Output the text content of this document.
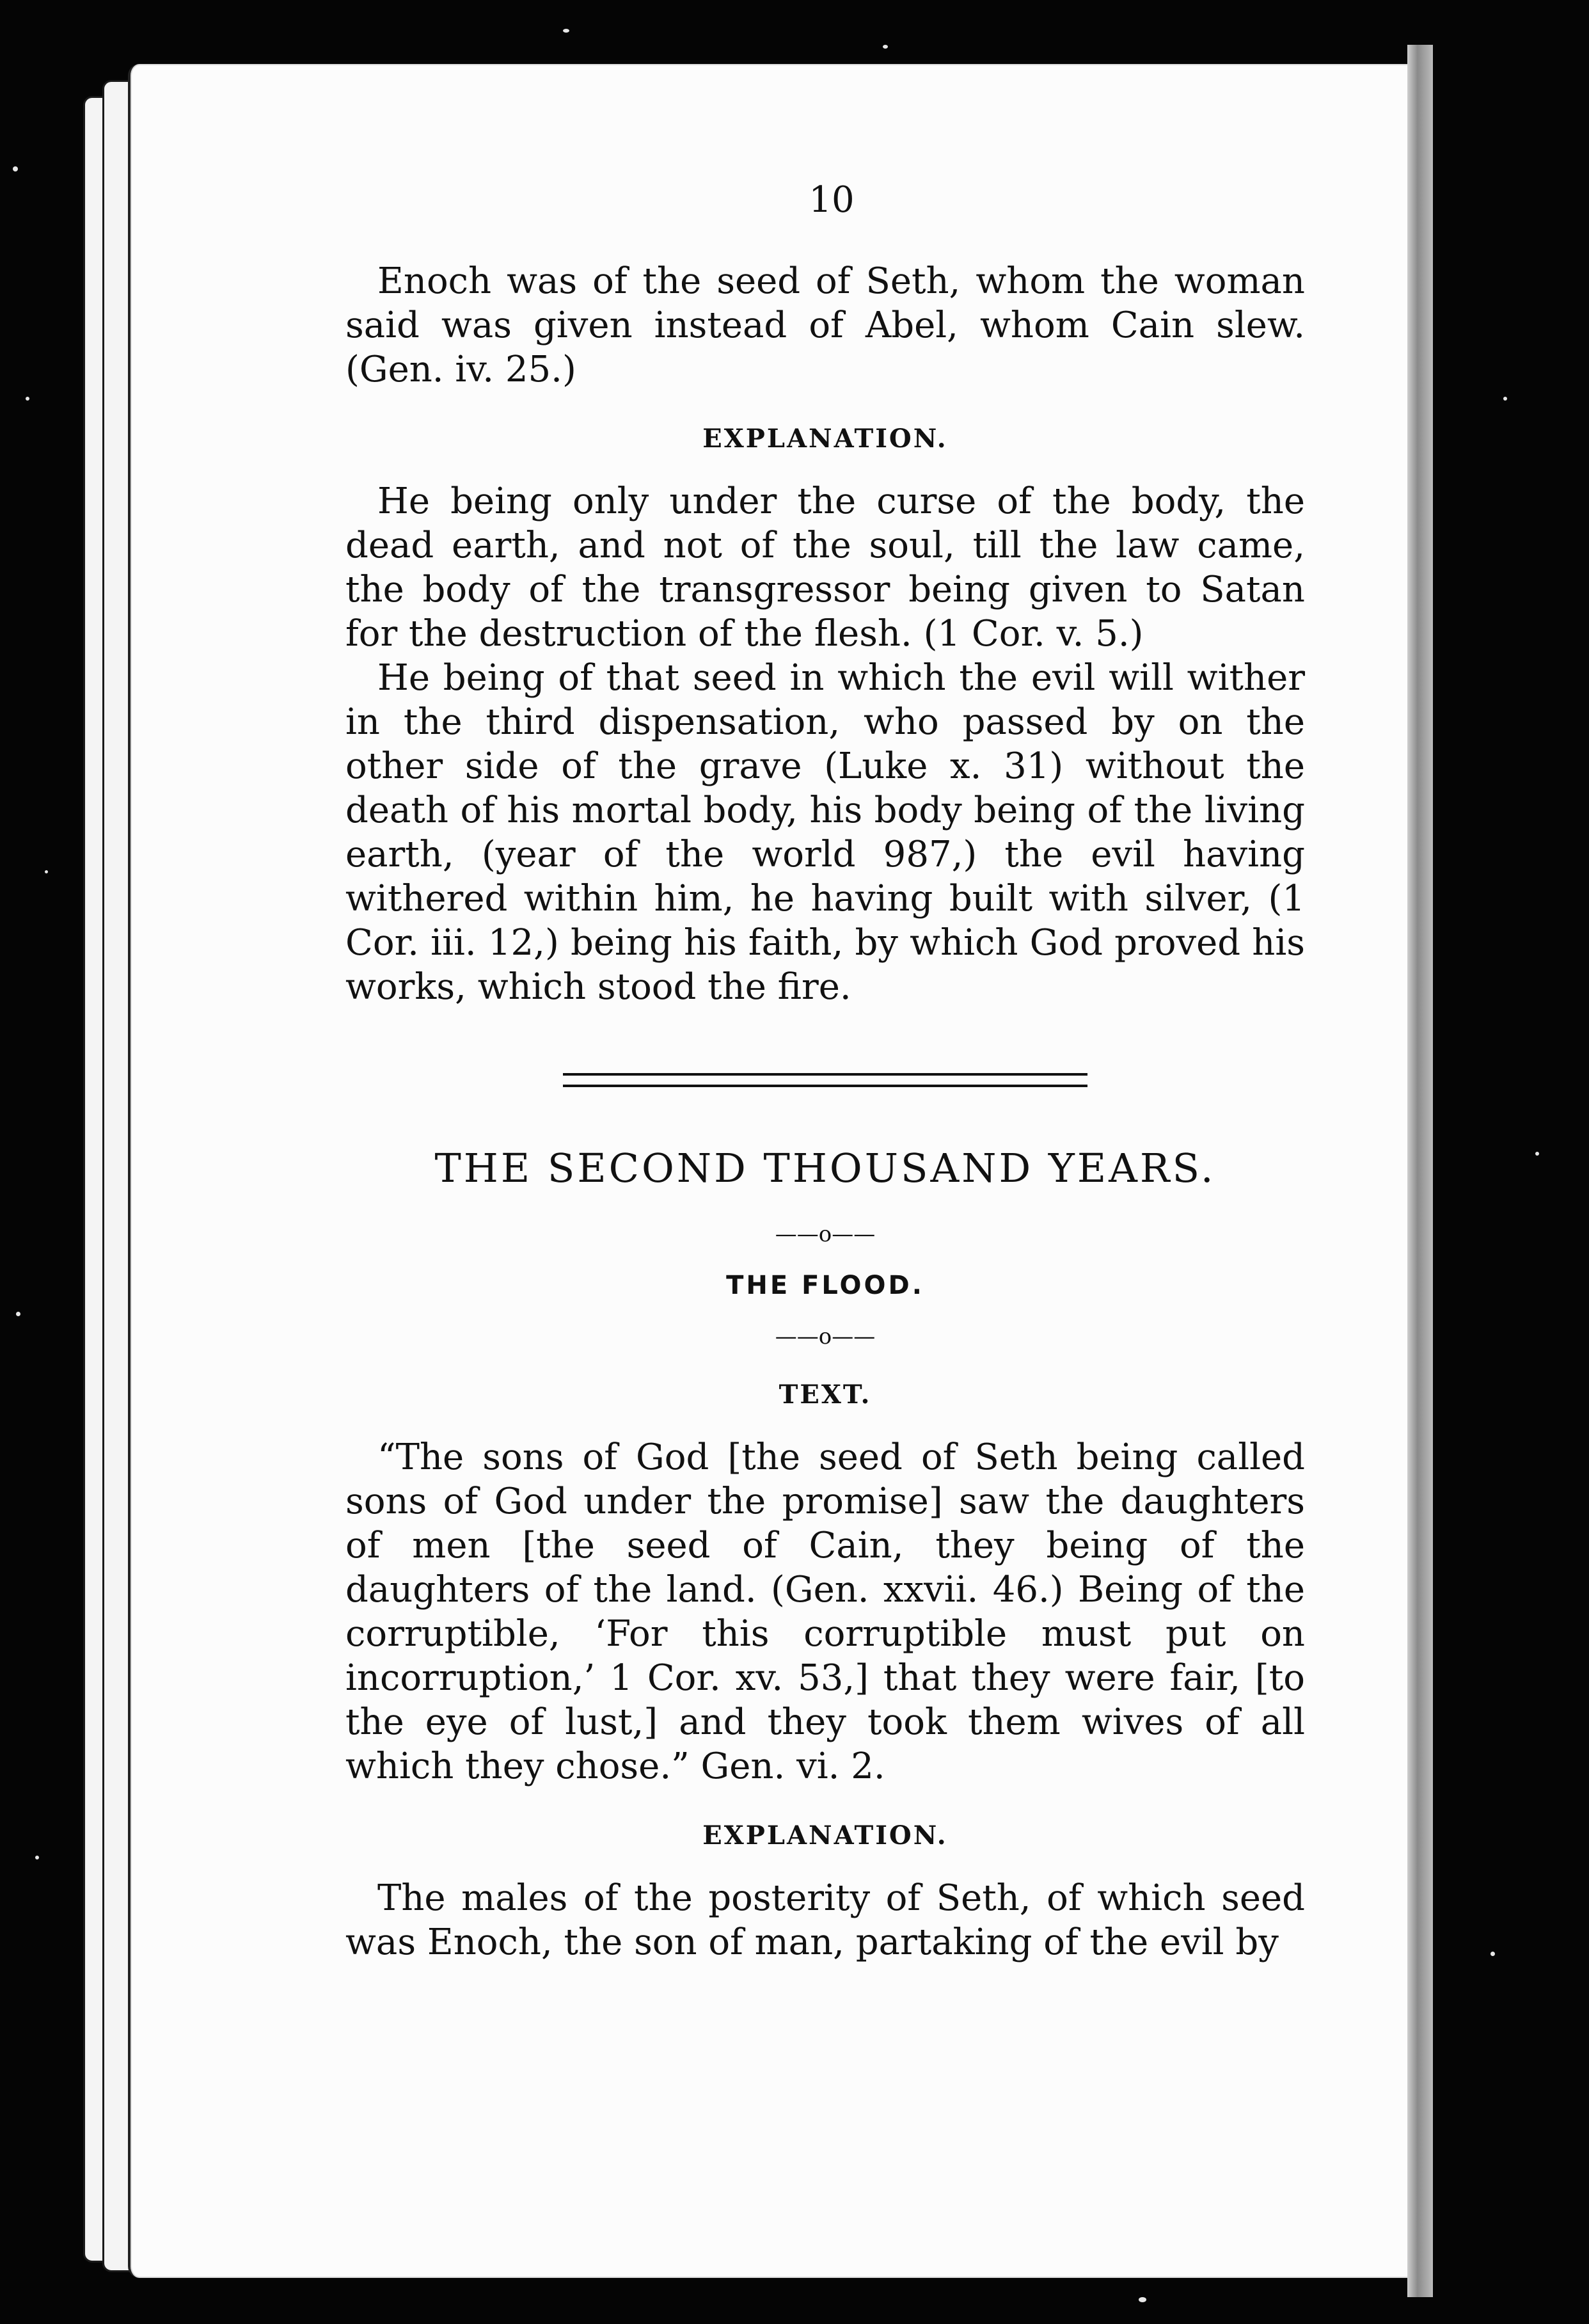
10

Enoch was of the seed of Seth, whom the woman said was given instead of Abel, whom Cain slew. (Gen. iv. 25.)

EXPLANATION.

He being only under the curse of the body, the dead earth, and not of the soul, till the law came, the body of the transgressor being given to Satan for the destruction of the flesh. (1 Cor. v. 5.)

He being of that seed in which the evil will wither in the third dispensation, who passed by on the other side of the grave (Luke x. 31) without the death of his mortal body, his body being of the living earth, (year of the world 987,) the evil having withered within him, he having built with silver, (1 Cor. iii. 12,) being his faith, by which God proved his works, which stood the fire.

THE SECOND THOUSAND YEARS.
——o——
THE FLOOD.
——o——
TEXT.

“The sons of God [the seed of Seth being called sons of God under the promise] saw the daughters of men [the seed of Cain, they being of the daughters of the land. (Gen. xxvii. 46.) Being of the corruptible, ‘For this corruptible must put on incorruption,’ 1 Cor. xv. 53,] that they were fair, [to the eye of lust,] and they took them wives of all which they chose.” Gen. vi. 2.

EXPLANATION.

The males of the posterity of Seth, of which seed was Enoch, the son of man, partaking of the evil by
